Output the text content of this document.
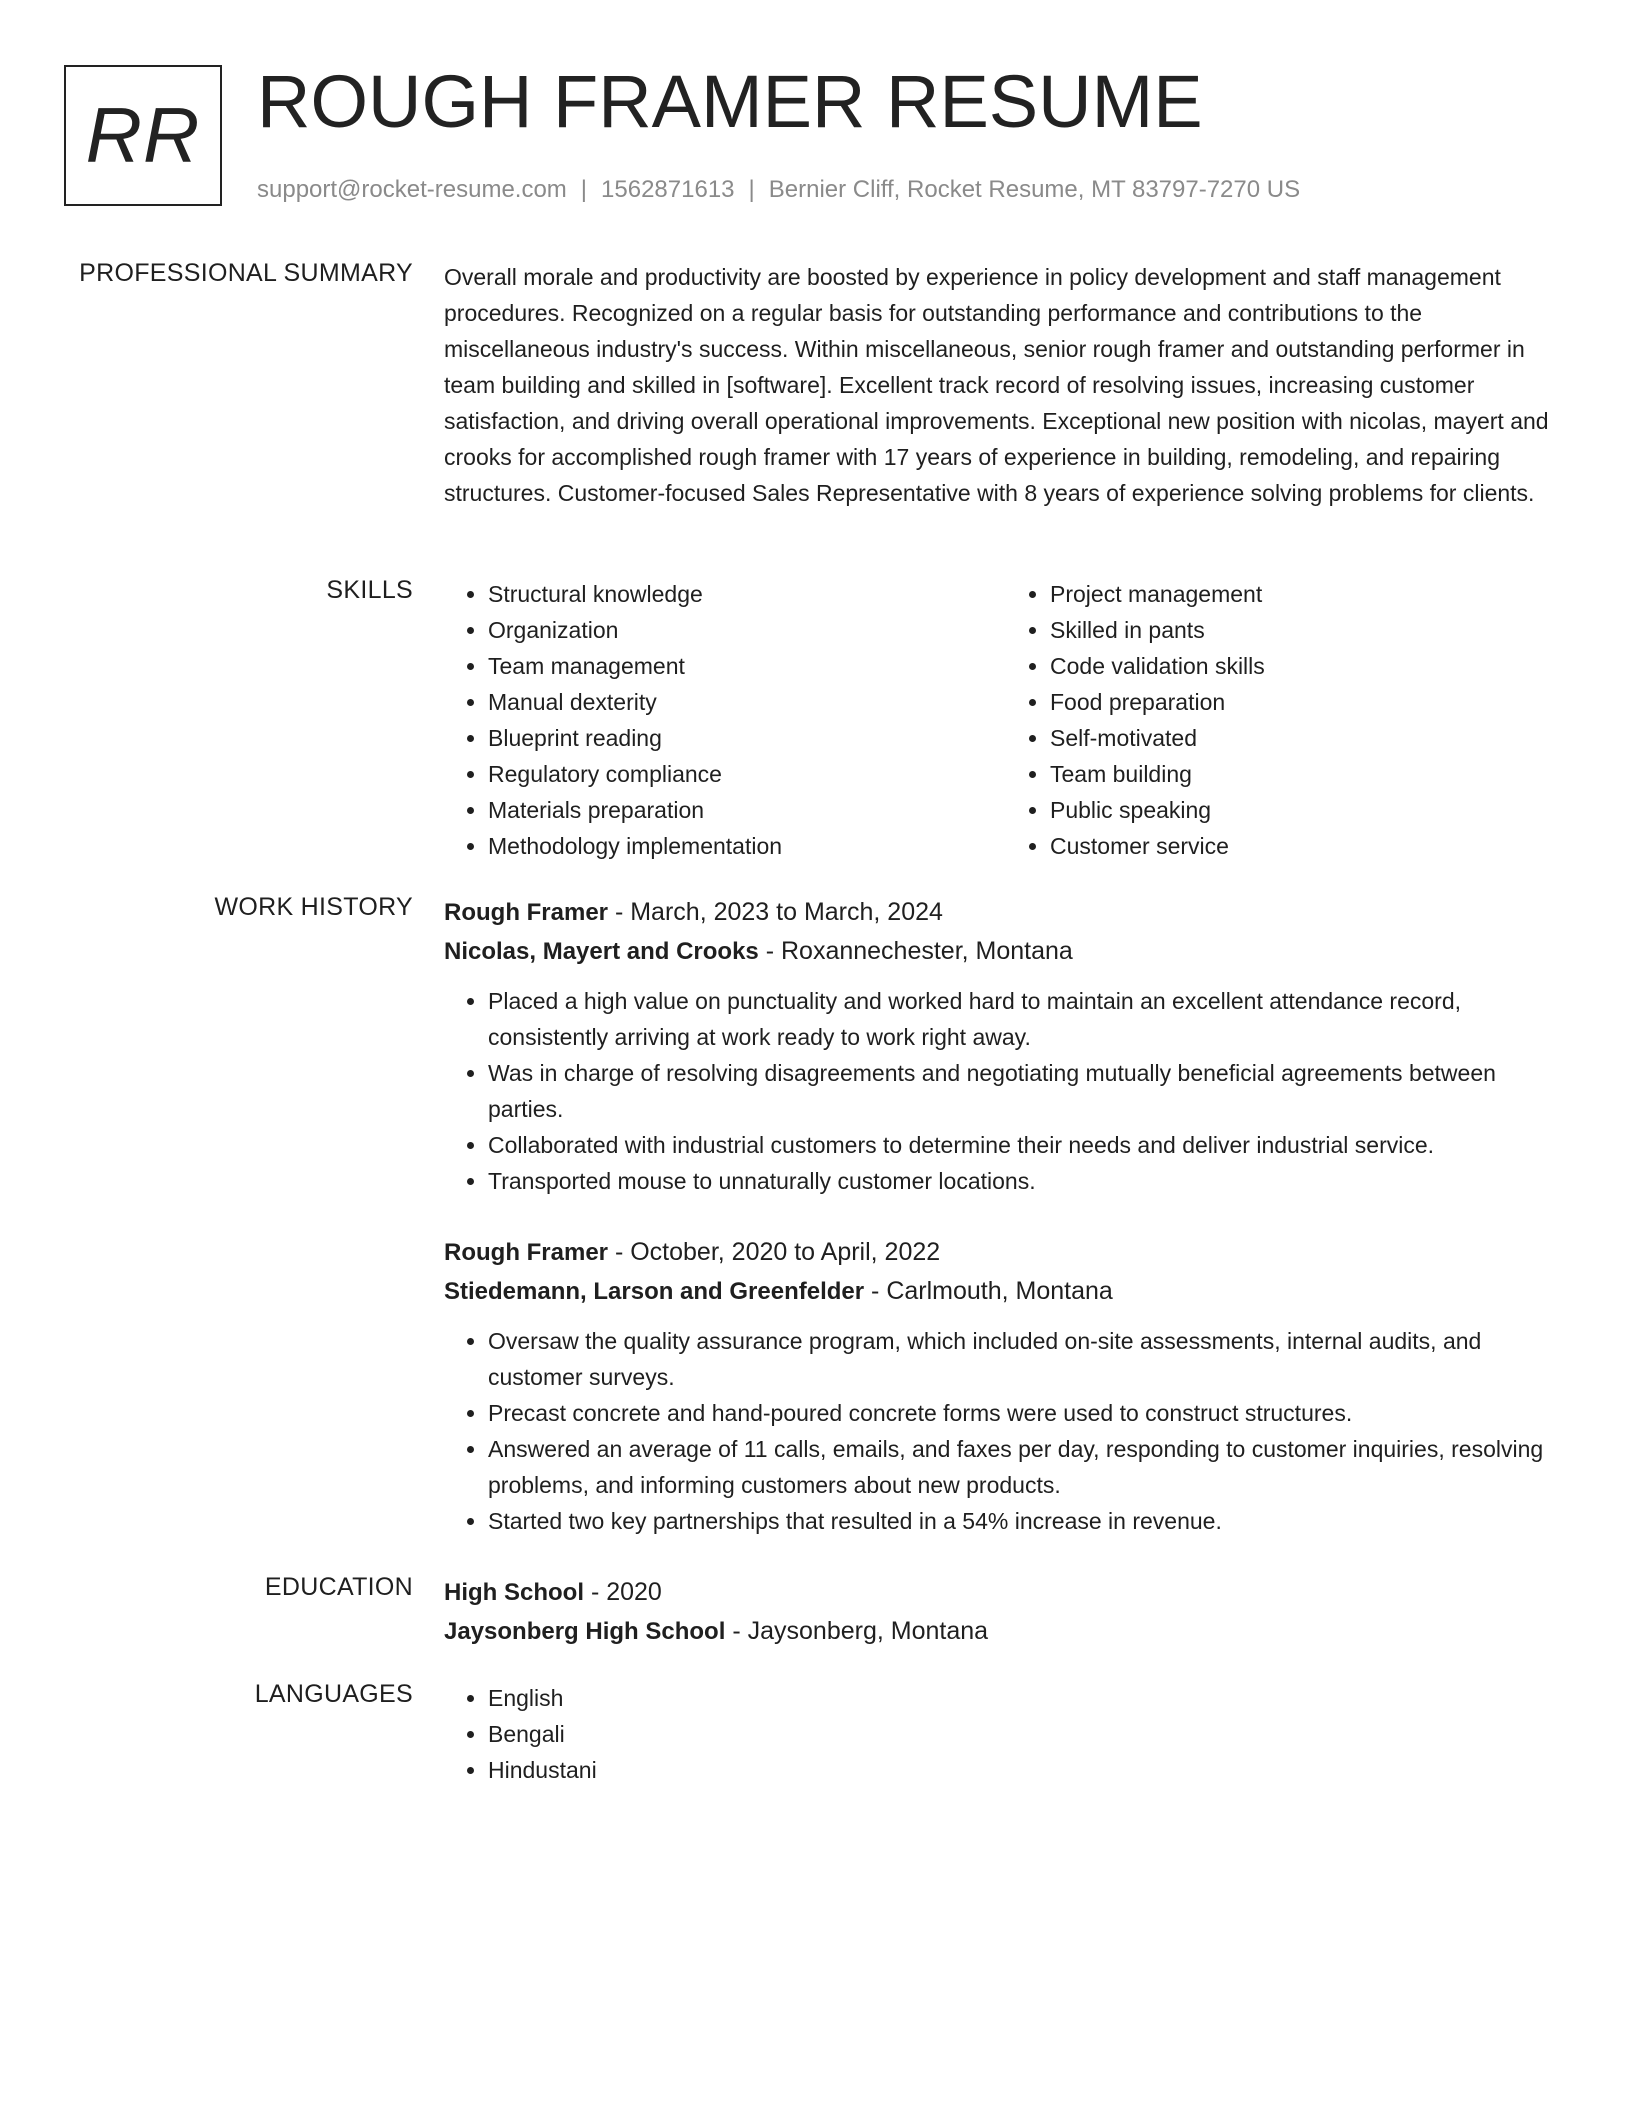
RR ROUGH FRAMER RESUME
support@rocket-resume.com | 1562871613 | Bernier Cliff, Rocket Resume, MT 83797-7270 US
PROFESSIONAL SUMMARY Overall morale and productivity are boosted by experience in policy development and staff management procedures. Recognized on a regular basis for outstanding performance and contributions to the miscellaneous industry's success. Within miscellaneous, senior rough framer and outstanding performer in team building and skilled in [software]. Excellent track record of resolving issues, increasing customer satisfaction, and driving overall operational improvements. Exceptional new position with nicolas, mayert and crooks for accomplished rough framer with 17 years of experience in building, remodeling, and repairing structures. Customer-focused Sales Representative with 8 years of experience solving problems for clients.
SKILLS	• Structural knowledge
• Organization
• Team management
• Manual dexterity
• Blueprint reading
• Regulatory compliance
• Materials preparation
• Methodology implementation
• Project management
• Skilled in pants
• Code validation skills
• Food preparation
• Self-motivated
• Team building
• Public speaking
• Customer service
WORK HISTORY Rough Framer - March, 2023 to March, 2024
Nicolas, Mayert and Crooks - Roxannechester, Montana
• Placed a high value on punctuality and worked hard to maintain an excellent attendance record, consistently arriving at work ready to work right away.
• Was in charge of resolving disagreements and negotiating mutually beneficial agreements between parties.
• Collaborated with industrial customers to determine their needs and deliver industrial service.
• Transported mouse to unnaturally customer locations.
Rough Framer - October, 2020 to April, 2022
Stiedemann, Larson and Greenfelder - Carlmouth, Montana
• Oversaw the quality assurance program, which included on-site assessments, internal audits, and customer surveys.
• Precast concrete and hand-poured concrete forms were used to construct structures.
• Answered an average of 11 calls, emails, and faxes per day, responding to customer inquiries, resolving problems, and informing customers about new products.
• Started two key partnerships that resulted in a 54% increase in revenue.
EDUCATION High School - 2020
Jaysonberg High School - Jaysonberg, Montana
LANGUAGES	• English
• Bengali
• Hindustani
